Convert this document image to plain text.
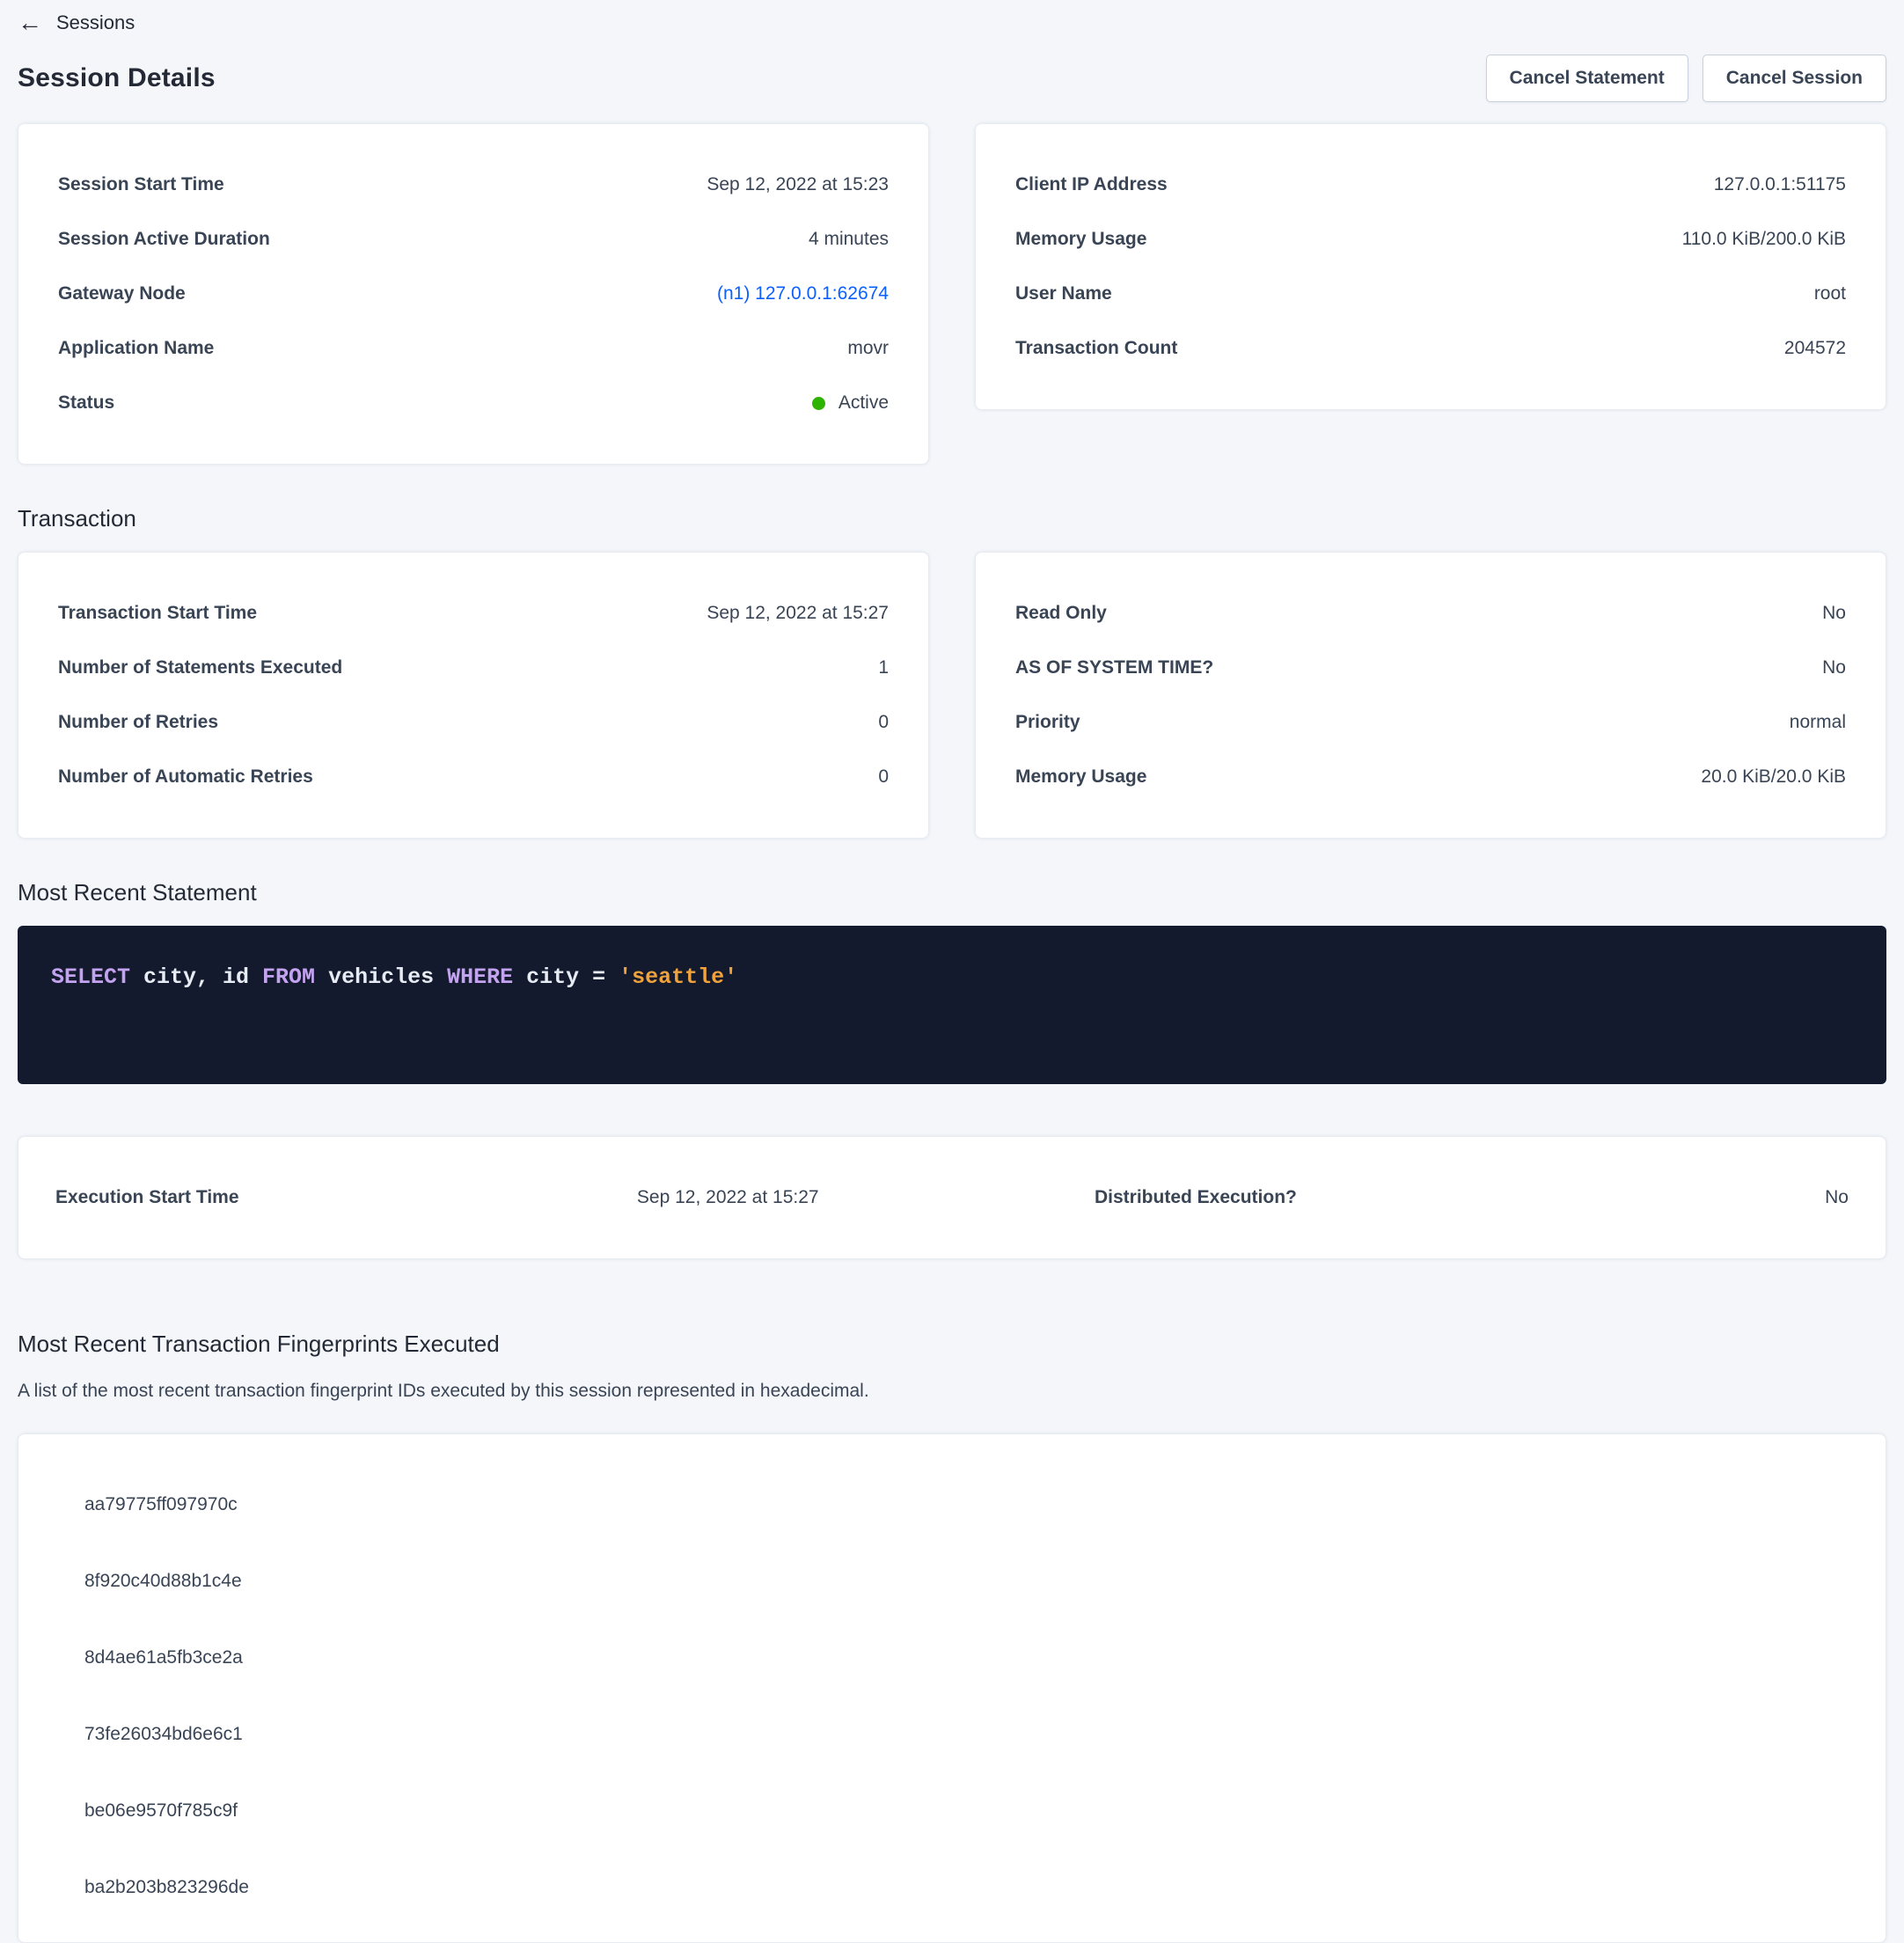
← Sessions
Session Details	Cancel Statement	Cancel Session
Session Start Time	Sep 12, 2022 at 15:23
Session Active Duration	4 minutes
Gateway Node	(n1) 127.0.0.1:62674
Application Name	movr
Status	Active
Client IP Address	127.0.0.1:51175
Memory Usage	110.0 KiB/200.0 KiB
User Name	root
Transaction Count	204572
Transaction
Transaction Start Time	Sep 12, 2022 at 15:27
Number of Statements Executed	1
Number of Retries	0
Number of Automatic Retries	0
Read Only	No
AS OF SYSTEM TIME?	No
Priority	normal
Memory Usage	20.0 KiB/20.0 KiB
Most Recent Statement
SELECT city, id FROM vehicles WHERE city = 'seattle'
Execution Start Time	Sep 12, 2022 at 15:27	Distributed Execution?	No
Most Recent Transaction Fingerprints Executed
A list of the most recent transaction fingerprint IDs executed by this session represented in hexadecimal.
aa79775ff097970c
8f920c40d88b1c4e
8d4ae61a5fb3ce2a
73fe26034bd6e6c1
be06e9570f785c9f
ba2b203b823296de
